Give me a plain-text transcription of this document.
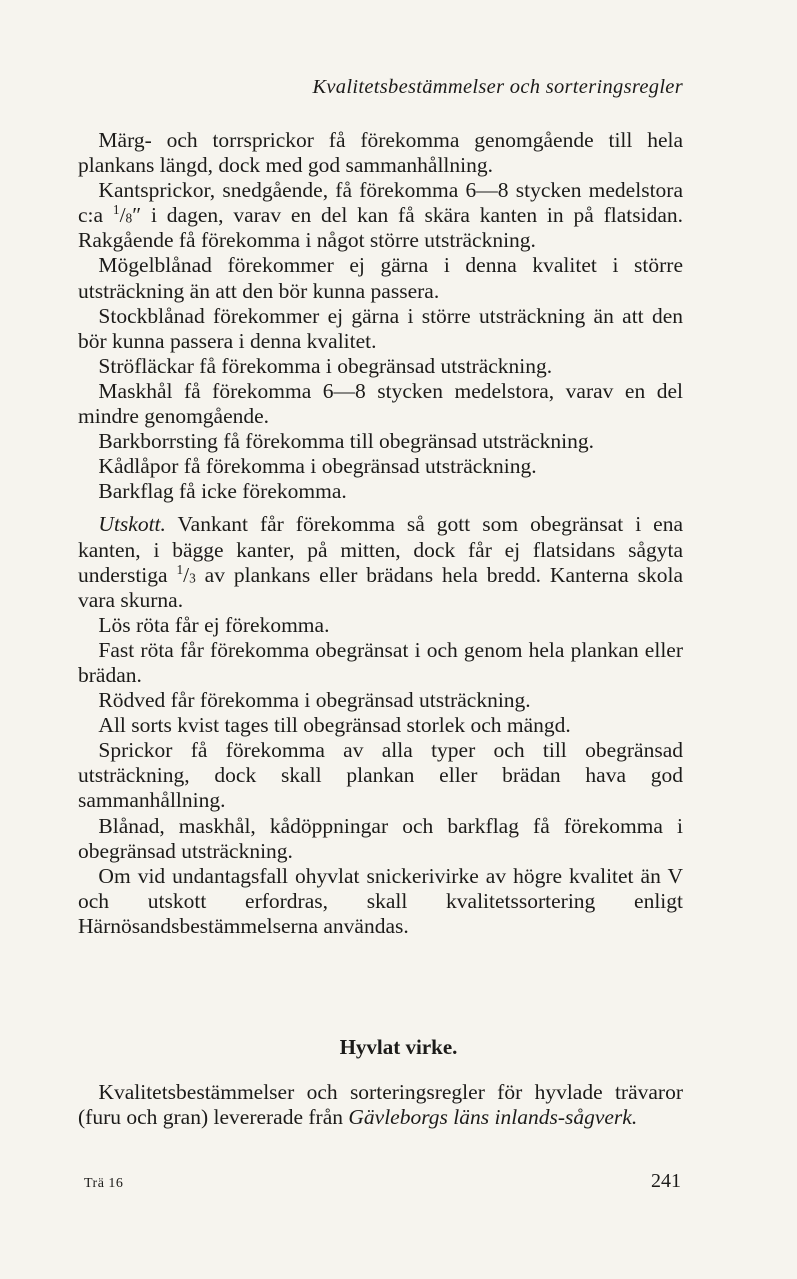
Kvalitetsbestämmelser och sorteringsregler

Märg- och torrsprickor få förekomma genomgående till hela plankans längd, dock med god sammanhållning.

Kantsprickor, snedgående, få förekomma 6—8 stycken medelstora c:a $^1/_8''$ i dagen, varav en del kan få skära kanten in på flatsidan. Rakgående få förekomma i något större utsträckning.

Mögelblånad förekommer ej gärna i denna kvalitet i större utsträckning än att den bör kunna passera.

Stockblånad förekommer ej gärna i större utsträckning än att den bör kunna passera i denna kvalitet.

Ströfläckar få förekomma i obegränsad utsträckning.

Maskhål få förekomma 6—8 stycken medelstora, varav en del mindre genomgående.

Barkborrsting få förekomma till obegränsad utsträckning.

Kådlåpor få förekomma i obegränsad utsträckning.

Barkflag få icke förekomma.

Utskott. Vankant får förekomma så gott som obegränsat i ena kanten, i bägge kanter, på mitten, dock får ej flatsidans sågyta understiga $^1/_3$ av plankans eller brädans hela bredd. Kanterna skola vara skurna.

Lös röta får ej förekomma.

Fast röta får förekomma obegränsat i och genom hela plankan eller brädan.

Rödved får förekomma i obegränsad utsträckning.

All sorts kvist tages till obegränsad storlek och mängd.

Sprickor få förekomma av alla typer och till obegränsad utsträckning, dock skall plankan eller brädan hava god sammanhållning.

Blånad, maskhål, kådöppningar och barkflag få förekomma i obegränsad utsträckning.

Om vid undantagsfall ohyvlat snickerivirke av högre kvalitet än V och utskott erfordras, skall kvalitetssortering enligt Härnösandsbestämmelserna användas.

Hyvlat virke.

Kvalitetsbestämmelser och sorteringsregler för hyvlade trävaror (furu och gran) levererade från Gävleborgs läns inlands-sågverk.

Trä 16	241
